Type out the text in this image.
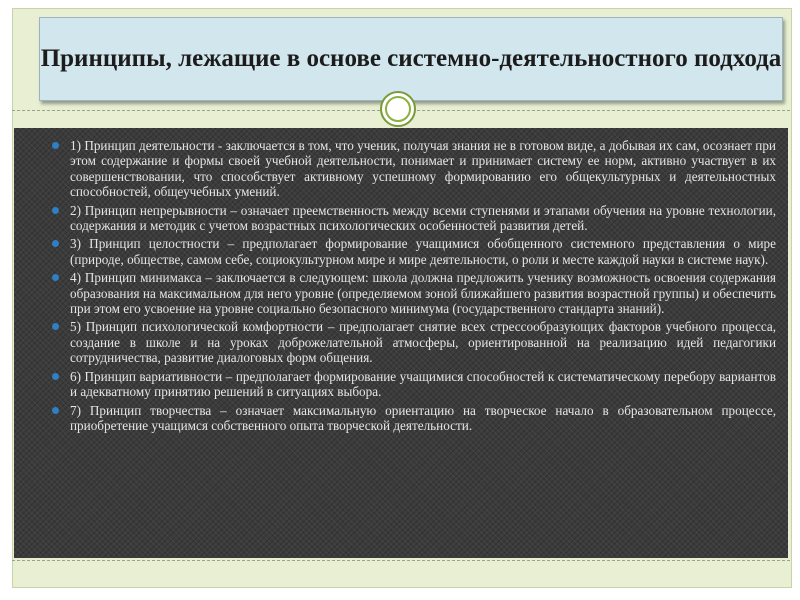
Принципы, лежащие в основе системно-деятельностного подхода
1) Принцип деятельности - заключается в том, что ученик, получая знания не в готовом виде, а добывая их сам, осознает при этом содержание и формы своей учебной деятельности, понимает и принимает систему ее норм, активно участвует в их совершенствовании, что способствует активному успешному формированию его общекультурных и деятельностных способностей, общеучебных умений.
2) Принцип непрерывности – означает преемственность между всеми ступенями и этапами обучения на уровне технологии, содержания и методик с учетом возрастных психологических особенностей развития детей.
3) Принцип целостности – предполагает формирование учащимися обобщенного системного представления о мире (природе, обществе, самом себе, социокультурном мире и мире деятельности, о роли и месте каждой науки в системе наук).
4) Принцип минимакса – заключается в следующем: школа должна предложить ученику возможность освоения содержания образования на максимальном для него уровне (определяемом зоной ближайшего развития возрастной группы) и обеспечить при этом его усвоение на уровне социально безопасного минимума (государственного стандарта знаний).
5) Принцип психологической комфортности – предполагает снятие всех стрессообразующих факторов учебного процесса, создание в школе и на уроках доброжелательной атмосферы, ориентированной на реализацию идей педагогики сотрудничества, развитие диалоговых форм общения.
6) Принцип вариативности – предполагает формирование учащимися способностей к систематическому перебору вариантов и адекватному принятию решений в ситуациях выбора.
7) Принцип творчества – означает максимальную ориентацию на творческое начало в образовательном процессе, приобретение учащимся собственного опыта творческой деятельности.
